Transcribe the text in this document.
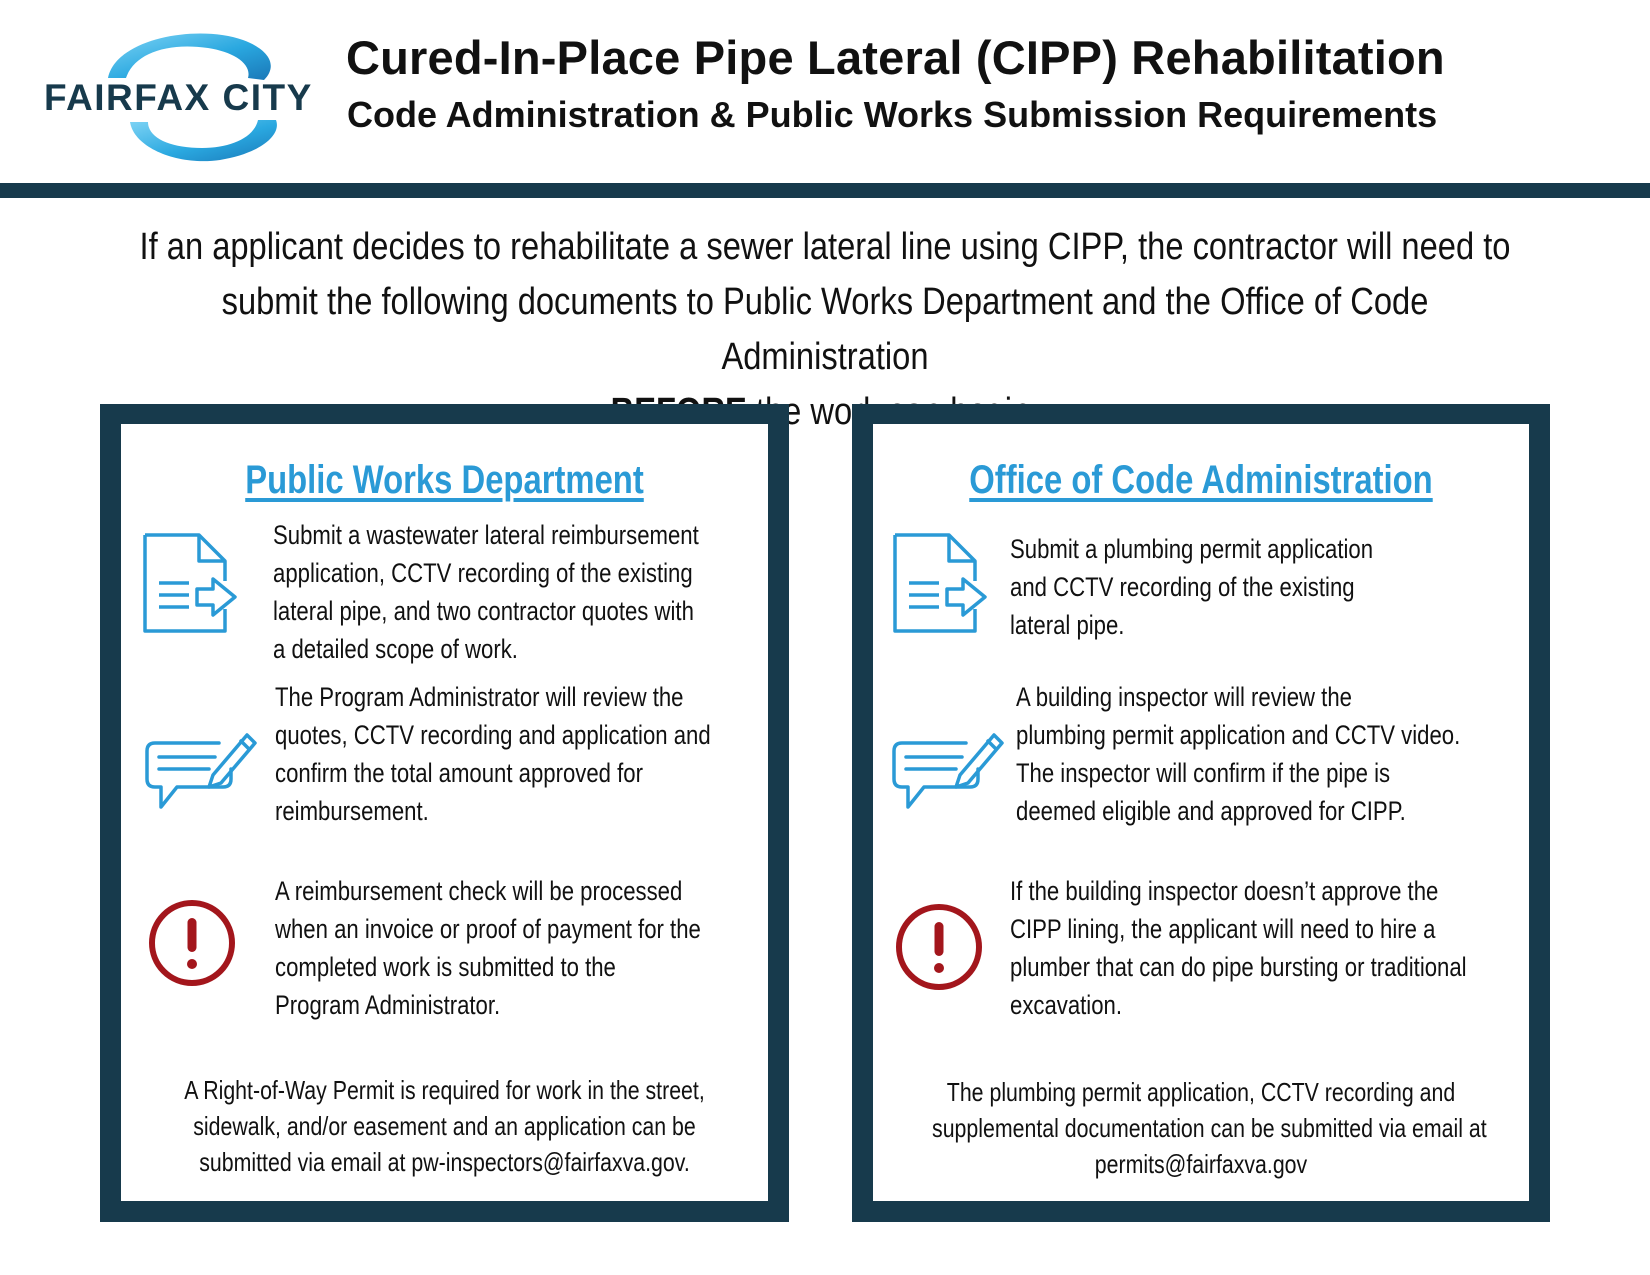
FAIRFAX CITY
Cured-In-Place Pipe Lateral (CIPP) Rehabilitation
Code Administration & Public Works Submission Requirements
If an applicant decides to rehabilitate a sewer lateral line using CIPP, the contractor will need to
submit the following documents to Public Works Department and the Office of Code Administration
work
Public Works Department
Submit a wastewater lateral reimbursement
application, CCTV recording of the existing
lateral pipe, and two contractor quotes with
a detailed scope of work.
The Program Administrator will review the
quotes, CCTV recording and application and
confirm the total amount approved for
reimbursement.
A reimbursement check will be processed
when an invoice or proof of payment for the
completed work is submitted to the
Program Administrator.
A Right-of-Way Permit is required for work in the street,
sidewalk, and/or easement and an application can be
submitted via email at pw-inspectors@fairfaxva.gov.
Office of Code Administration
Submit a plumbing permit application
and CCTV recording of the existing
lateral pipe.
A building inspector will review the
plumbing permit application and CCTV video.
The inspector will confirm if the pipe is
deemed eligible and approved for CIPP.
If the building inspector doesn’t approve the
CIPP lining, the applicant will need to hire a
plumber that can do pipe bursting or traditional
excavation.
The plumbing permit application, CCTV recording and
supplemental documentation can be submitted via email at
permits@fairfaxva.gov
